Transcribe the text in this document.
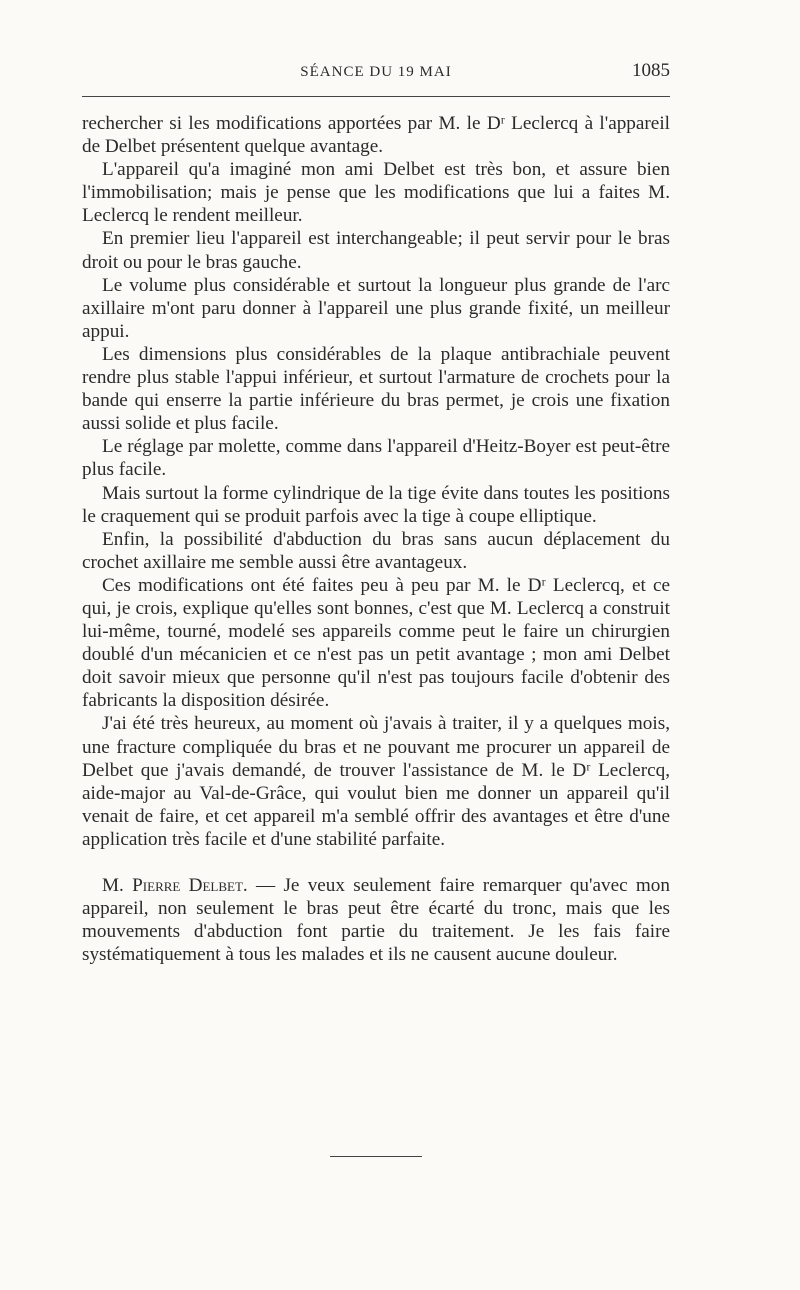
SÉANCE DU 19 MAI	1085

rechercher si les modifications apportées par M. le Dʳ Leclercq à l'appareil de Delbet présentent quelque avantage.

L'appareil qu'a imaginé mon ami Delbet est très bon, et assure bien l'immobilisation; mais je pense que les modifications que lui a faites M. Leclercq le rendent meilleur.

En premier lieu l'appareil est interchangeable; il peut servir pour le bras droit ou pour le bras gauche.

Le volume plus considérable et surtout la longueur plus grande de l'arc axillaire m'ont paru donner à l'appareil une plus grande fixité, un meilleur appui.

Les dimensions plus considérables de la plaque antibrachiale peuvent rendre plus stable l'appui inférieur, et surtout l'armature de crochets pour la bande qui enserre la partie inférieure du bras permet, je crois une fixation aussi solide et plus facile.

Le réglage par molette, comme dans l'appareil d'Heitz-Boyer est peut-être plus facile.

Mais surtout la forme cylindrique de la tige évite dans toutes les positions le craquement qui se produit parfois avec la tige à coupe elliptique.

Enfin, la possibilité d'abduction du bras sans aucun déplacement du crochet axillaire me semble aussi être avantageux.

Ces modifications ont été faites peu à peu par M. le Dʳ Leclercq, et ce qui, je crois, explique qu'elles sont bonnes, c'est que M. Leclercq a construit lui-même, tourné, modelé ses appareils comme peut le faire un chirurgien doublé d'un mécanicien et ce n'est pas un petit avantage ; mon ami Delbet doit savoir mieux que personne qu'il n'est pas toujours facile d'obtenir des fabricants la disposition désirée.

J'ai été très heureux, au moment où j'avais à traiter, il y a quelques mois, une fracture compliquée du bras et ne pouvant me procurer un appareil de Delbet que j'avais demandé, de trouver l'assistance de M. le Dʳ Leclercq, aide-major au Val-de-Grâce, qui voulut bien me donner un appareil qu'il venait de faire, et cet appareil m'a semblé offrir des avantages et être d'une application très facile et d'une stabilité parfaite.

M. Pierre Delbet. — Je veux seulement faire remarquer qu'avec mon appareil, non seulement le bras peut être écarté du tronc, mais que les mouvements d'abduction font partie du traitement. Je les fais faire systématiquement à tous les malades et ils ne causent aucune douleur.
